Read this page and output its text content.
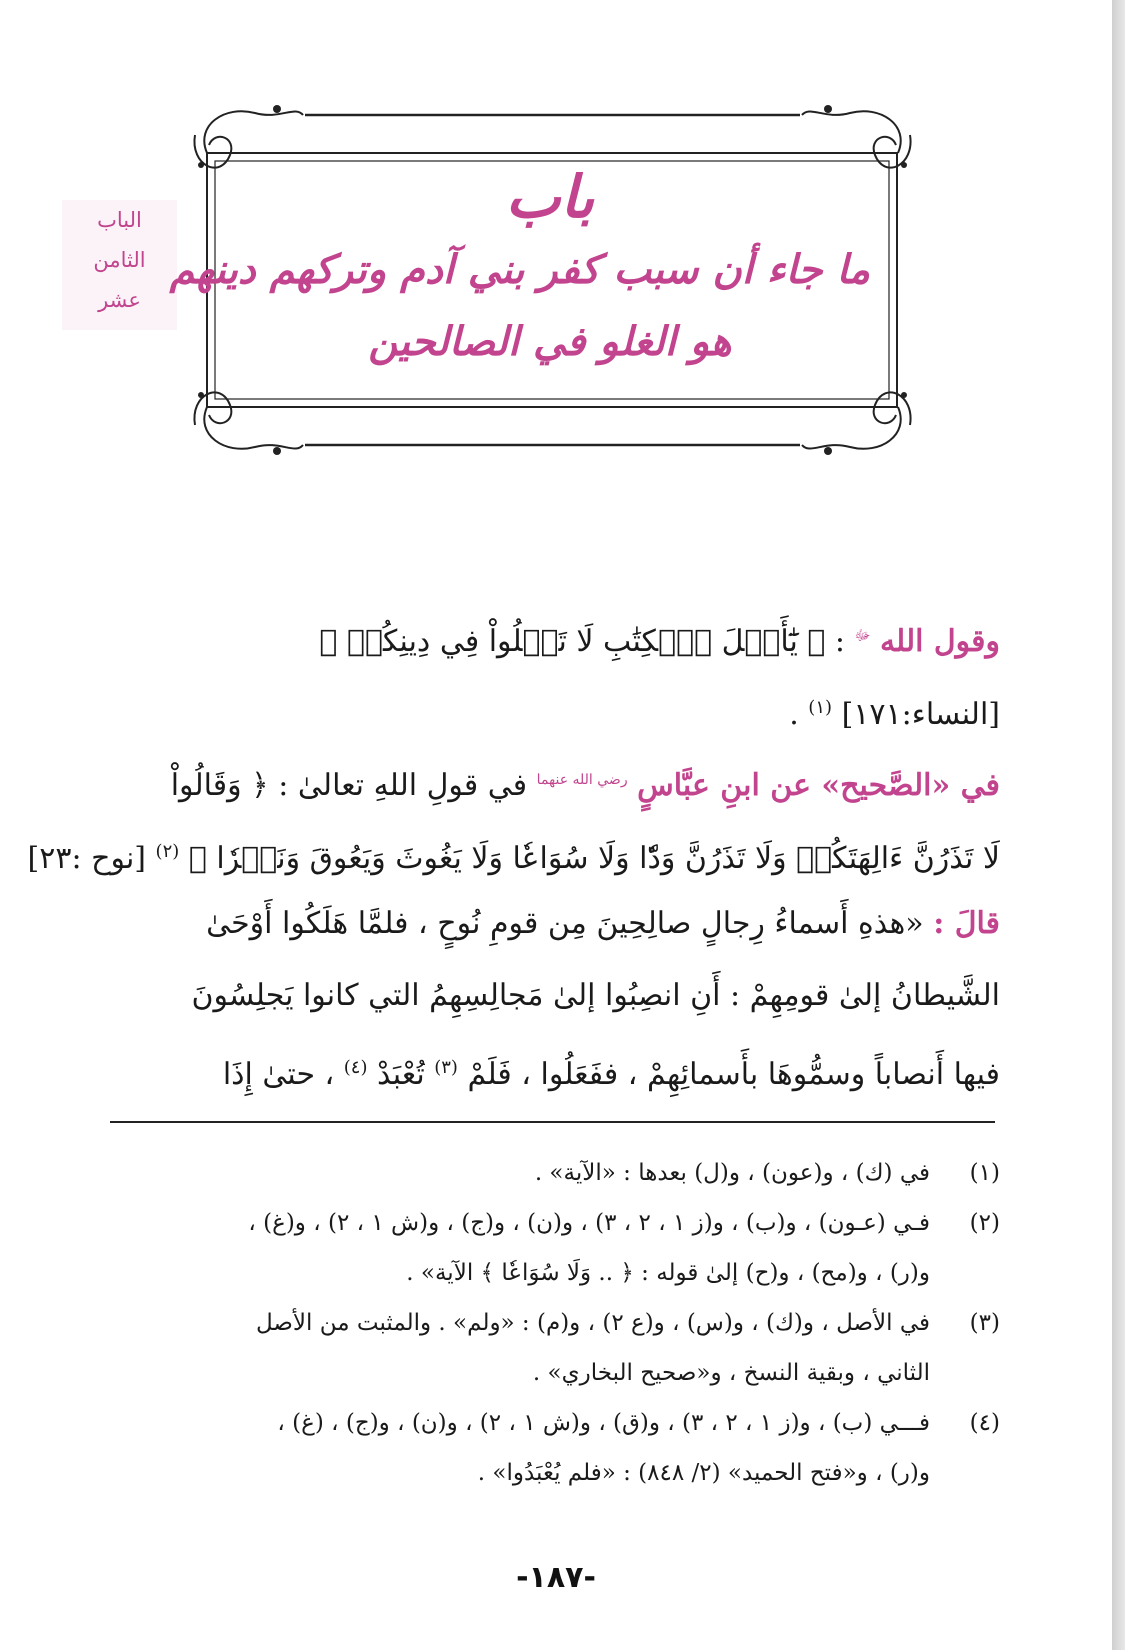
الباب
الثامن
عشر
باب
ما جاء أن سبب كفر بني آدم وتركهم دينهم
هو الغلو في الصالحين
وقول الله $^ﷻ$ : ﴿ يَٰٓأَهۡلَ ٱلۡكِتَٰبِ لَا تَغۡلُواْ فِي دِينِكُمۡ ﴾
[النساء:١٧١] $^{(١)}$ .
في «الصَّحيح» عن ابنِ عبَّاسٍ $^{رضي الله عنهما}$ في قولِ اللهِ تعالىٰ : ﴿ وَقَالُواْ
لَا تَذَرُنَّ ءَالِهَتَكُمۡ وَلَا تَذَرُنَّ وَدّٗا وَلَا سُوَاعٗا وَلَا يَغُوثَ وَيَعُوقَ وَنَسۡرٗا ﴾ $^{(٢)}$ [نوح :٢٣]
قالَ : «هذهِ أَسماءُ رِجالٍ صالِحِينَ مِن قومِ نُوحٍ ، فلمَّا هَلَكُوا أَوْحَىٰ
الشَّيطانُ إلىٰ قومِهِمْ : أَنِ انصِبُوا إلىٰ مَجالِسِهِمُ التي كانوا يَجلِسُونَ
فيها أَنصاباً وسمُّوهَا بأَسمائِهِمْ ، ففَعَلُوا ، فَلَمْ $^{(٣)}$ تُعْبَدْ $^{(٤)}$ ، حتىٰ إِذَا
(١)
في (ك) ، و(عون) ، و(ل) بعدها : «الآية» .
(٢)
فـي (عـون) ، و(ب) ، و(ز ١ ، ٢ ، ٣) ، و(ن) ، و(ج) ، و(ش ١ ، ٢) ، و(غ) ،
و(ر) ، و(مح) ، و(ح) إلىٰ قوله : ﴿ .. وَلَا سُوَاعٗا ﴾ الآية» .
(٣)
في الأصل ، و(ك) ، و(س) ، و(ع ٢) ، و(م) : «ولم» . والمثبت من الأصل
الثاني ، وبقية النسخ ، و«صحيح البخاري» .
(٤)
فـــي (ب) ، و(ز ١ ، ٢ ، ٣) ، و(ق) ، و(ش ١ ، ٢) ، و(ن) ، و(ج) ، (غ) ،
و(ر) ، و«فتح الحميد» (٢/ ٨٤٨) : «فلم يُعْبَدُوا» .
-١٨٧-
